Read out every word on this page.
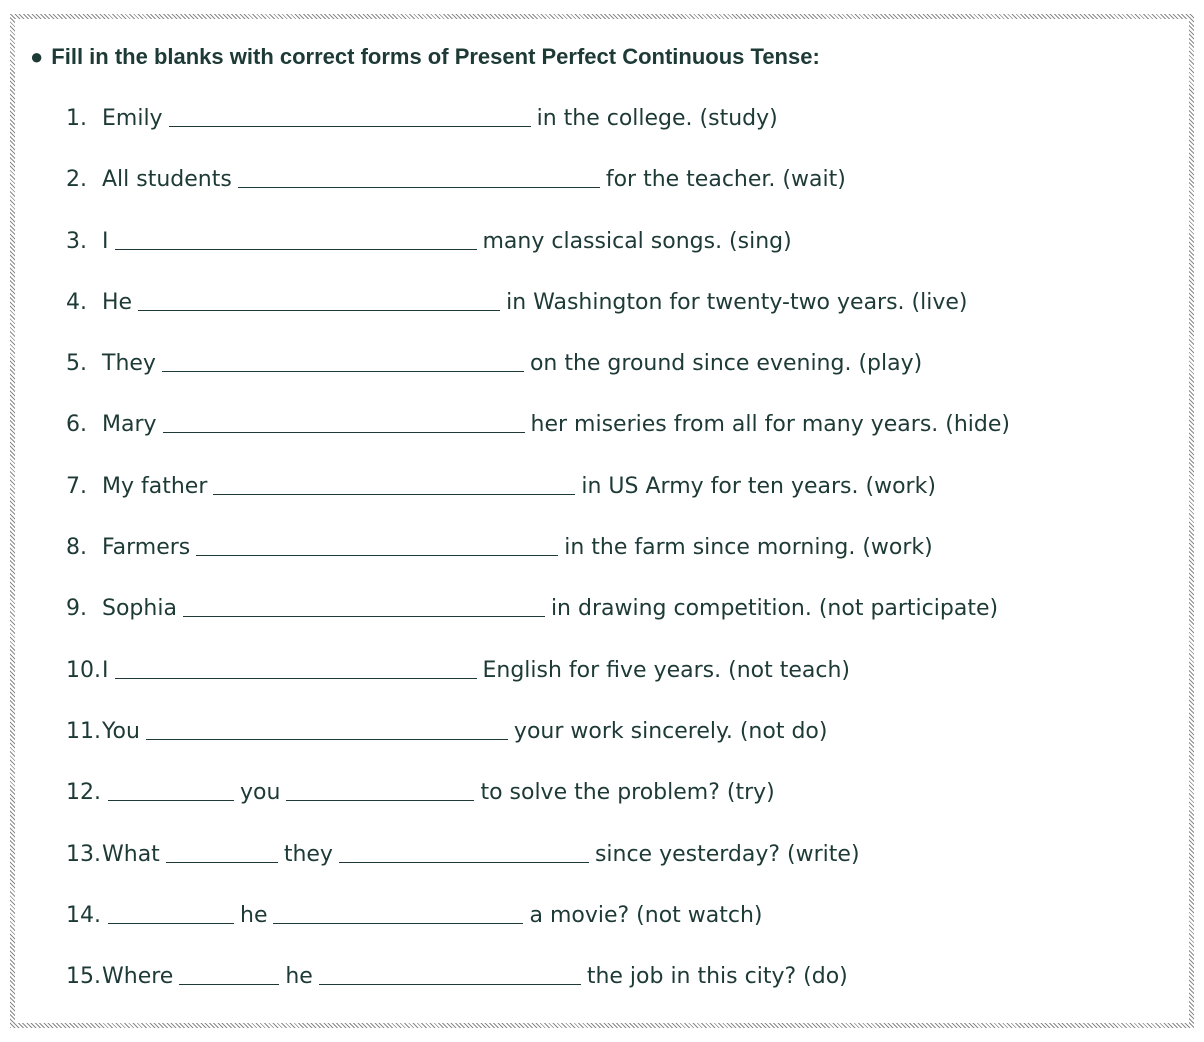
● Fill in the blanks with correct forms of Present Perfect Continuous Tense:
1. Emily	in the college. (study)
2. All students	for the teacher. (wait)
3. I	many classical songs. (sing)
4. He	in Washington for twenty-two years. (live)
5. They	on the ground since evening. (play)
6. Mary	her miseries from all for many years. (hide)
7. My father	in US Army for ten years. (work)
8. Farmers	in the farm since morning. (work)
9. Sophia	in drawing competition. (not participate)
10. I	English for five years. (not teach)
11. You	your work sincerely. (not do)
12.	you	to solve the problem? (try)
13. What	they	since yesterday? (write)
14.	he	a movie? (not watch)
15. Where	he	the job in this city? (do)
